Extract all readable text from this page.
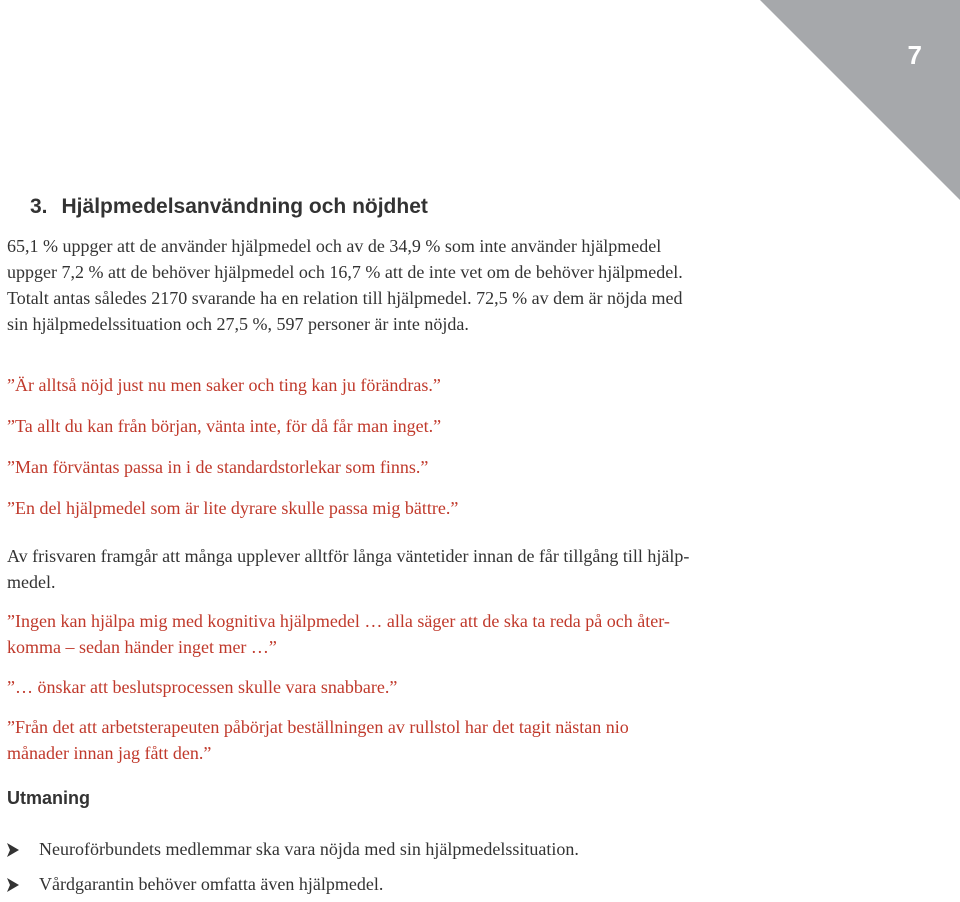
7
3. Hjälpmedelsanvändning och nöjdhet
65,1 % uppger att de använder hjälpmedel och av de 34,9 % som inte använder hjälpmedel
uppger 7,2 % att de behöver hjälpmedel och 16,7 % att de inte vet om de behöver hjälpmedel.
Totalt antas således 2170 svarande ha en relation till hjälpmedel. 72,5 % av dem är nöjda med
sin hjälpmedelssituation och 27,5 %, 597 personer är inte nöjda.
”Är alltså nöjd just nu men saker och ting kan ju förändras.”
”Ta allt du kan från början, vänta inte, för då får man inget.”
”Man förväntas passa in i de standardstorlekar som finns.”
”En del hjälpmedel som är lite dyrare skulle passa mig bättre.”
Av frisvaren framgår att många upplever alltför långa väntetider innan de får tillgång till hjälp-
medel.
”Ingen kan hjälpa mig med kognitiva hjälpmedel … alla säger att de ska ta reda på och åter-
komma – sedan händer inget mer …”
”… önskar att beslutsprocessen skulle vara snabbare.”
”Från det att arbetsterapeuten påbörjat beställningen av rullstol har det tagit nästan nio
månader innan jag fått den.”
Utmaning
Neuroförbundets medlemmar ska vara nöjda med sin hjälpmedelssituation.
Vårdgarantin behöver omfatta även hjälpmedel.
